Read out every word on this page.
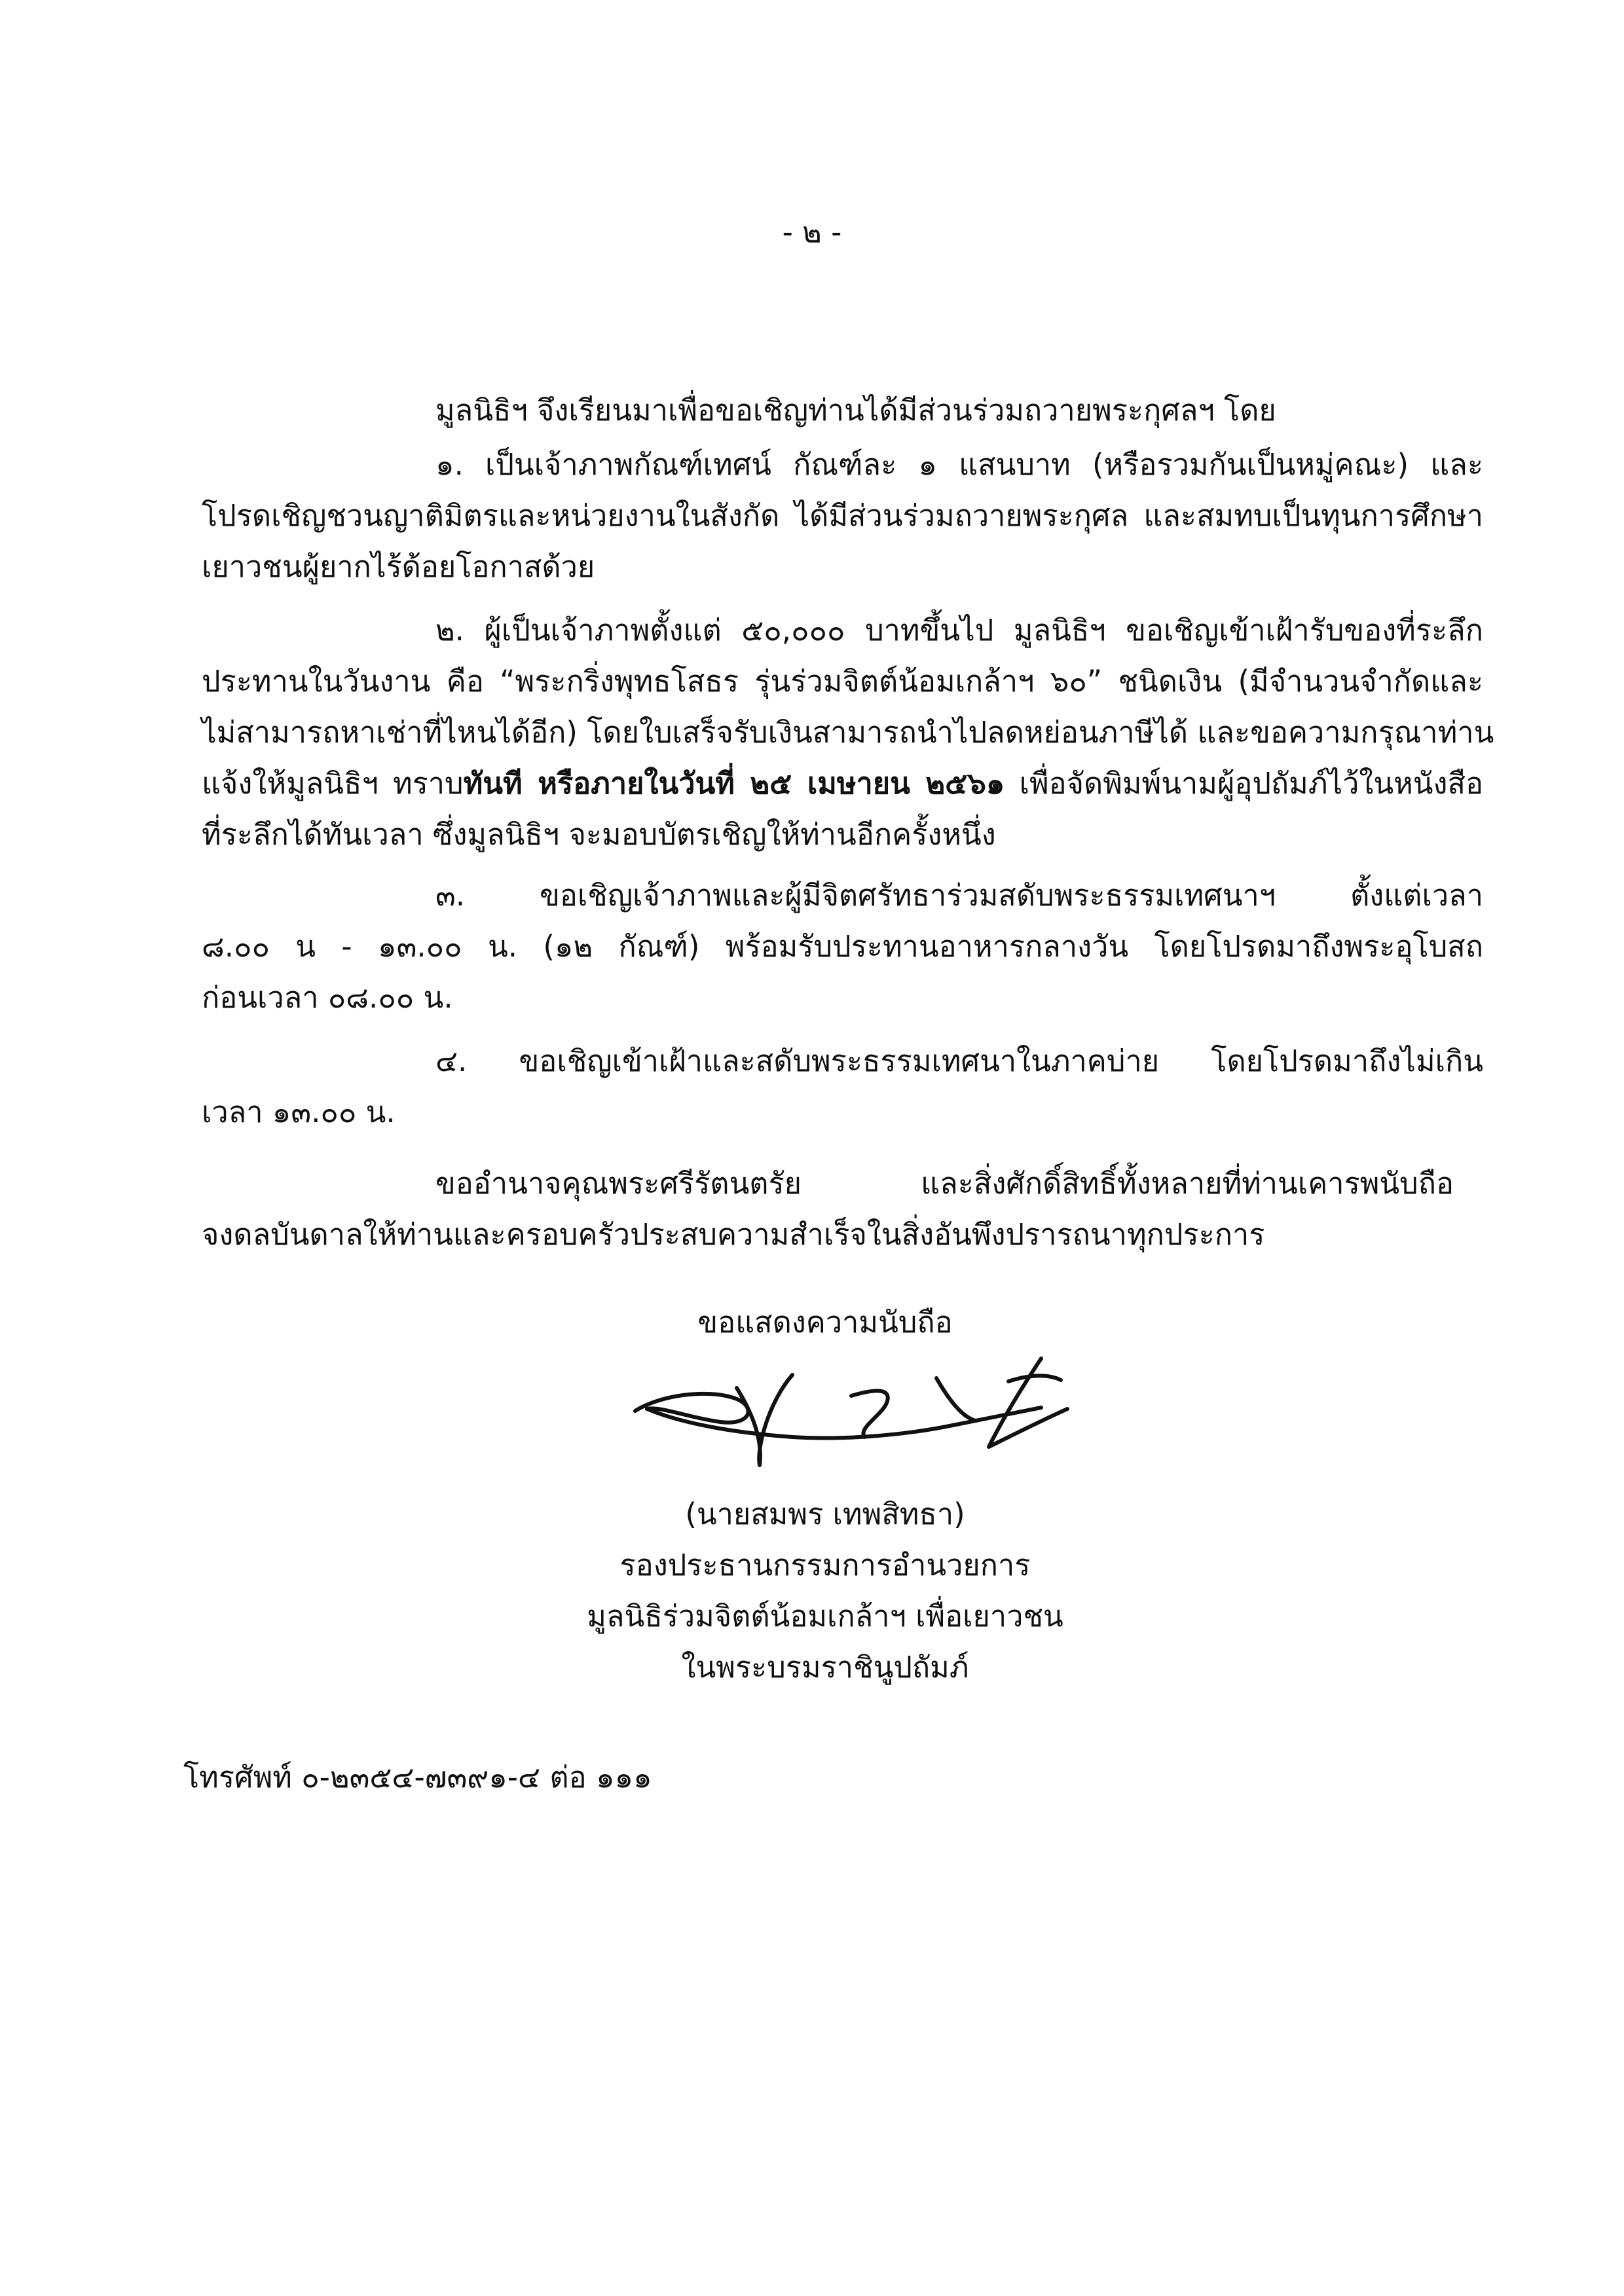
- ๒ -
มูลนิธิฯ จึงเรียนมาเพื่อขอเชิญท่านได้มีส่วนร่วมถวายพระกุศลฯ โดย
๑. เป็นเจ้าภาพกัณฑ์เทศน์ กัณฑ์ละ ๑ แสนบาท (หรือรวมกันเป็นหมู่คณะ) และ
โปรดเชิญชวนญาติมิตรและหน่วยงานในสังกัด ได้มีส่วนร่วมถวายพระกุศล และสมทบเป็นทุนการศึกษา
เยาวชนผู้ยากไร้ด้อยโอกาสด้วย
๒. ผู้เป็นเจ้าภาพตั้งแต่ ๕๐,๐๐๐ บาทขึ้นไป มูลนิธิฯ ขอเชิญเข้าเฝ้ารับของที่ระลึก
ประทานในวันงาน คือ “พระกริ่งพุทธโสธร รุ่นร่วมจิตต์น้อมเกล้าฯ ๖๐” ชนิดเงิน (มีจำนวนจำกัดและ
ไม่สามารถหาเช่าที่ไหนได้อีก) โดยใบเสร็จรับเงินสามารถนำไปลดหย่อนภาษีได้ และขอความกรุณาท่าน
แจ้งให้มูลนิธิฯ ทราบทันที หรือภายในวันที่ ๒๕ เมษายน ๒๕๖๑ เพื่อจัดพิมพ์นามผู้อุปถัมภ์ไว้ในหนังสือ
ที่ระลึกได้ทันเวลา ซึ่งมูลนิธิฯ จะมอบบัตรเชิญให้ท่านอีกครั้งหนึ่ง
๓. ขอเชิญเจ้าภาพและผู้มีจิตศรัทธาร่วมสดับพระธรรมเทศนาฯ ตั้งแต่เวลา
๘.๐๐ น - ๑๓.๐๐ น. (๑๒ กัณฑ์) พร้อมรับประทานอาหารกลางวัน โดยโปรดมาถึงพระอุโบสถ
ก่อนเวลา ๐๘.๐๐ น.
๔. ขอเชิญเข้าเฝ้าและสดับพระธรรมเทศนาในภาคบ่าย โดยโปรดมาถึงไม่เกิน
เวลา ๑๓.๐๐ น.
ขออำนาจคุณพระศรีรัตนตรัย และสิ่งศักดิ์สิทธิ์ทั้งหลายที่ท่านเคารพนับถือ
จงดลบันดาลให้ท่านและครอบครัวประสบความสำเร็จในสิ่งอันพึงปรารถนาทุกประการ
ขอแสดงความนับถือ
(นายสมพร เทพสิทธา)
รองประธานกรรมการอำนวยการ
มูลนิธิร่วมจิตต์น้อมเกล้าฯ เพื่อเยาวชน
ในพระบรมราชินูปถัมภ์
โทรศัพท์ ๐-๒๓๕๔-๗๓๙๑-๔ ต่อ ๑๑๑
